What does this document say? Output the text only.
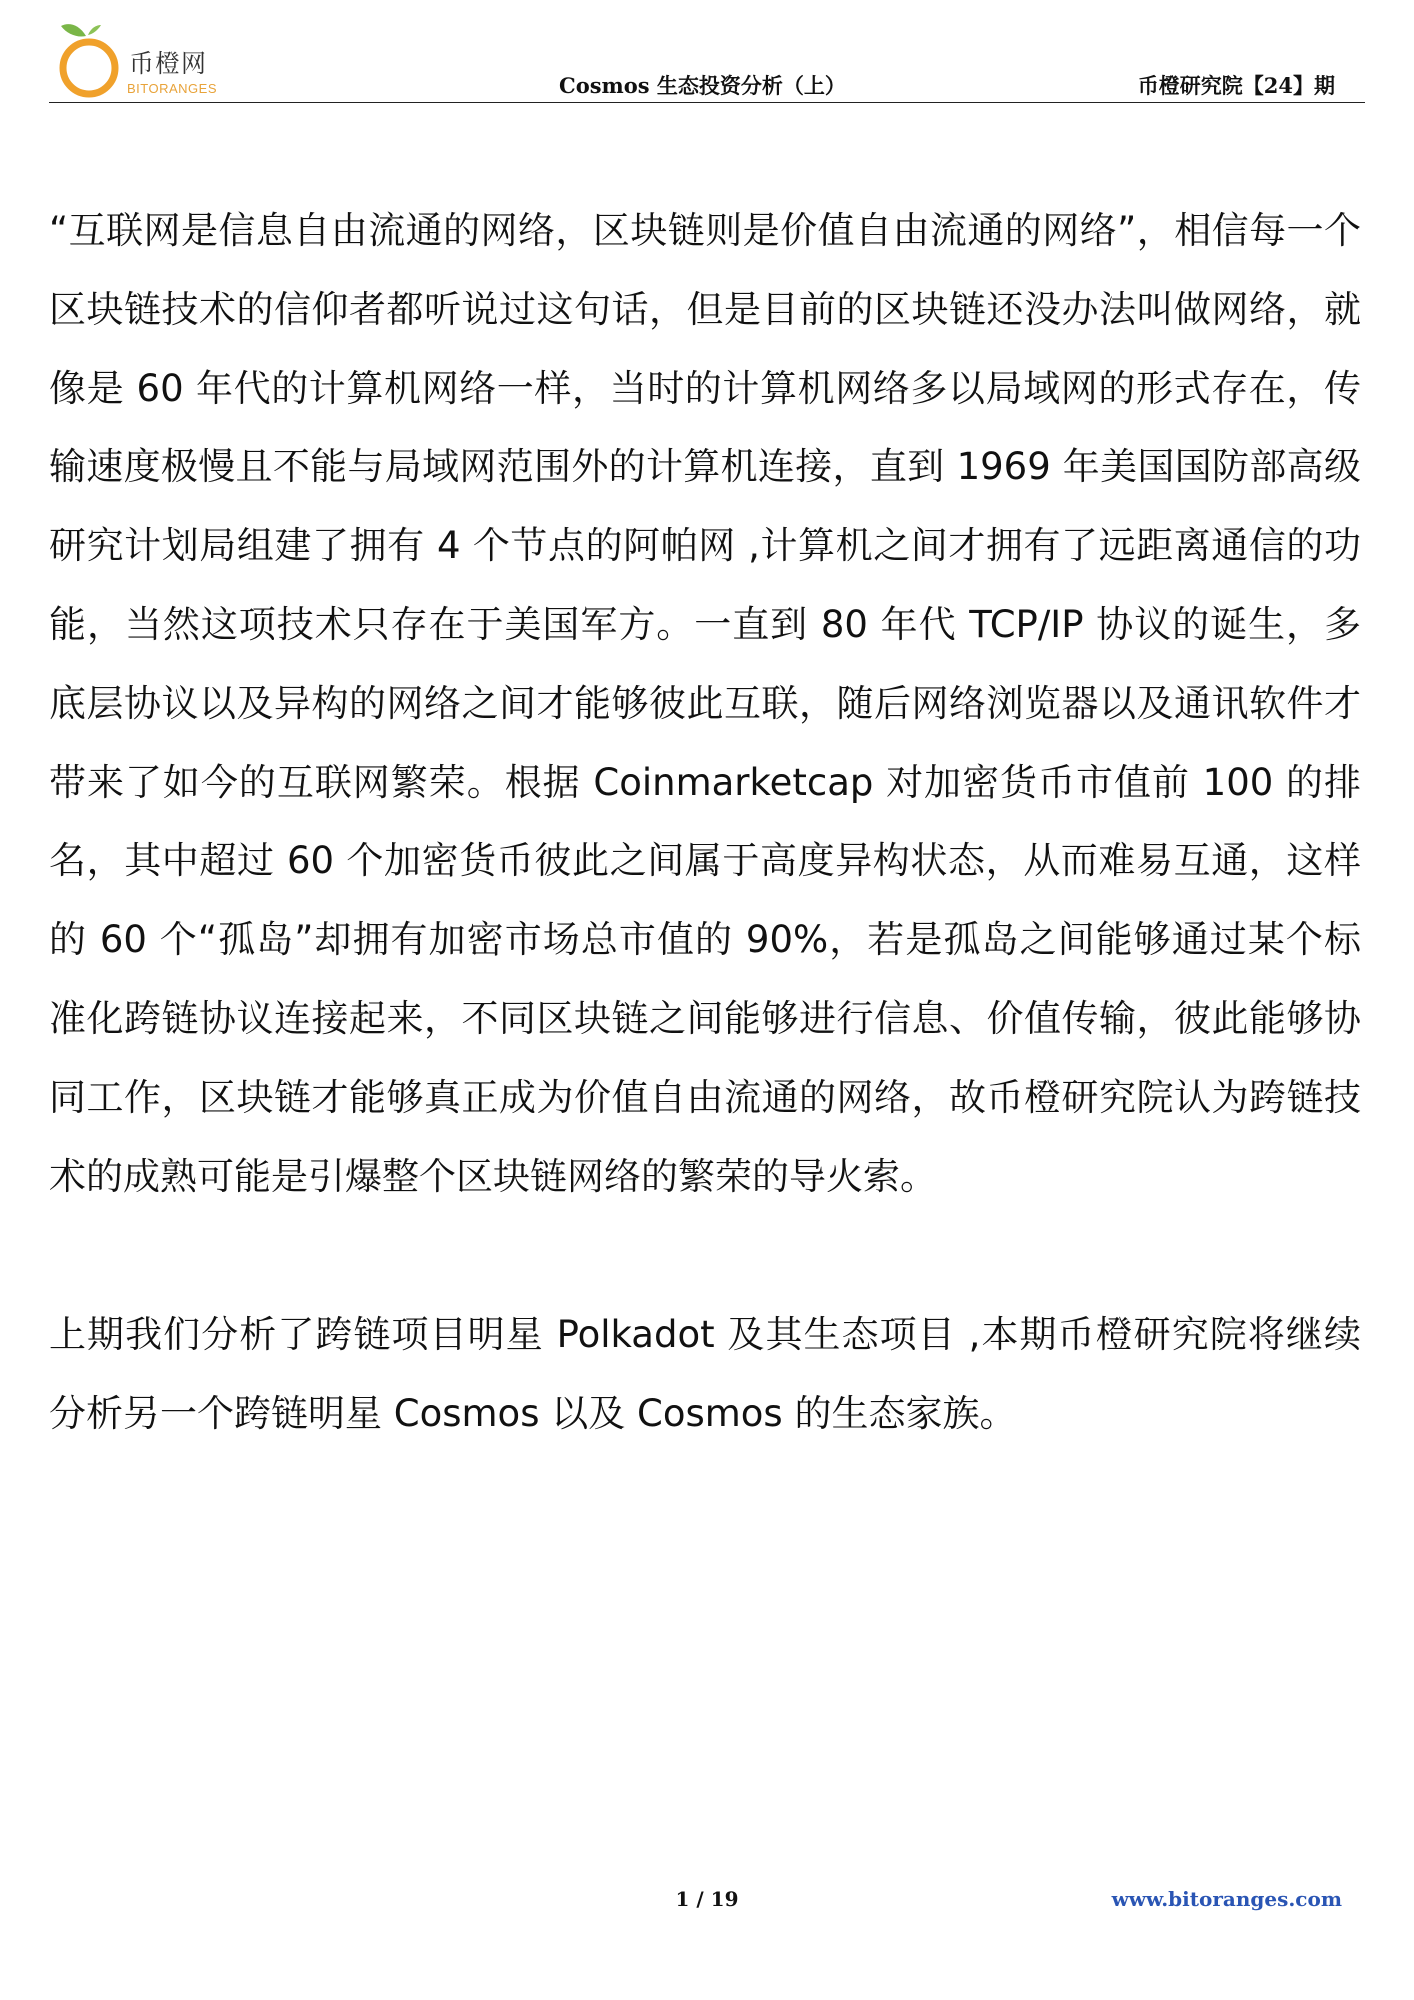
币橙网
BITORANGES	Cosmos 生态投资分析（上）	币橙研究院【24】期

“互联网是信息自由流通的网络，区块链则是价值自由流通的网络”，相信每一个区块链技术的信仰者都听说过这句话，但是目前的区块链还没办法叫做网络，就像是 60 年代的计算机网络一样，当时的计算机网络多以局域网的形式存在，传输速度极慢且不能与局域网范围外的计算机连接，直到 1969 年美国国防部高级研究计划局组建了拥有 4 个节点的阿帕网 ,计算机之间才拥有了远距离通信的功能，当然这项技术只存在于美国军方。一直到 80 年代 TCP/IP 协议的诞生，多底层协议以及异构的网络之间才能够彼此互联，随后网络浏览器以及通讯软件才带来了如今的互联网繁荣。根据 Coinmarketcap 对加密货币市值前 100 的排名，其中超过 60 个加密货币彼此之间属于高度异构状态，从而难易互通，这样的 60 个“孤岛”却拥有加密市场总市值的 90%，若是孤岛之间能够通过某个标准化跨链协议连接起来，不同区块链之间能够进行信息、价值传输，彼此能够协同工作，区块链才能够真正成为价值自由流通的网络，故币橙研究院认为跨链技术的成熟可能是引爆整个区块链网络的繁荣的导火索。

上期我们分析了跨链项目明星 Polkadot 及其生态项目 ,本期币橙研究院将继续分析另一个跨链明星 Cosmos 以及 Cosmos 的生态家族。

1 / 19	www.bitoranges.com
